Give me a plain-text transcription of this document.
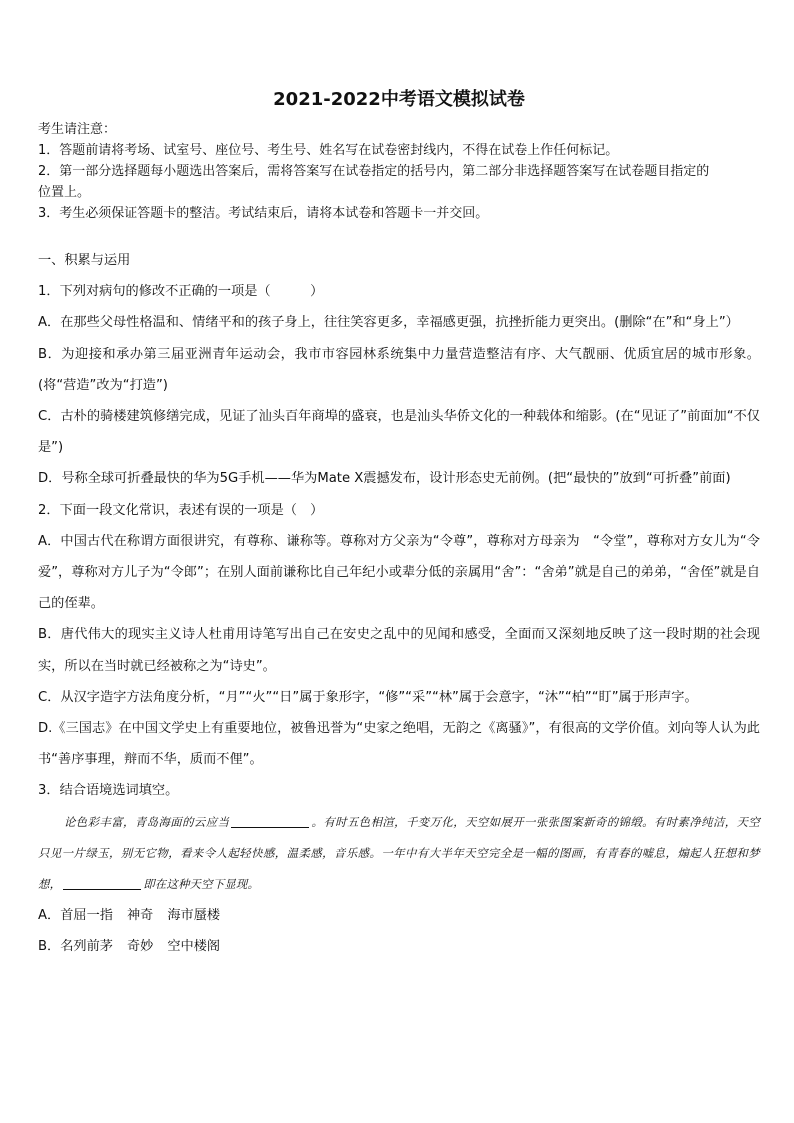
2021-2022中考语文模拟试卷
考生请注意：
1．答题前请将考场、试室号、座位号、考生号、姓名写在试卷密封线内，不得在试卷上作任何标记。
2．第一部分选择题每小题选出答案后，需将答案写在试卷指定的括号内，第二部分非选择题答案写在试卷题目指定的
位置上。
3．考生必须保证答题卡的整洁。考试结束后，请将本试卷和答题卡一并交回。

一、积累与运用

1．下列对病句的修改不正确的一项是（　　　）

A．在那些父母性格温和、情绪平和的孩子身上，往往笑容更多，幸福感更强，抗挫折能力更突出。(删除“在”和“身上”）

B．为迎接和承办第三届亚洲青年运动会，我市市容园林系统集中力量营造整洁有序、大气靓丽、优质宜居的城市形象。(将“营造”改为“打造”)

C．古朴的骑楼建筑修缮完成，见证了汕头百年商埠的盛衰，也是汕头华侨文化的一种载体和缩影。(在“见证了”前面加“不仅是”)

D．号称全球可折叠最快的华为5G手机——华为Mate X震撼发布，设计形态史无前例。(把“最快的”放到“可折叠”前面)

2．下面一段文化常识，表述有误的一项是（　）

A．中国古代在称谓方面很讲究，有尊称、谦称等。尊称对方父亲为“令尊”，尊称对方母亲为　“令堂”，尊称对方女儿为“令爱”，尊称对方儿子为“令郎”；在别人面前谦称比自己年纪小或辈分低的亲属用“舍”：“舍弟”就是自己的弟弟，“舍侄”就是自己的侄辈。

B．唐代伟大的现实主义诗人杜甫用诗笔写出自己在安史之乱中的见闻和感受，全面而又深刻地反映了这一段时期的社会现实，所以在当时就已经被称之为“诗史”。

C．从汉字造字方法角度分析，“月”“火”“日”属于象形字，“修”“采”“林”属于会意字，“沐”“柏”“盯”属于形声字。

D.《三国志》在中国文学史上有重要地位，被鲁迅誉为“史家之绝唱，无韵之《离骚》”，有很高的文学价值。刘向等人认为此书“善序事理，辩而不华，质而不俚”。

3．结合语境选词填空。

论色彩丰富，青岛海面的云应当	。有时五色相渲，千变万化，天空如展开一张张图案新奇的锦缎。有时素净纯洁，天空只见一片绿玉，别无它物，看来令人起轻快感，温柔感，音乐感。一年中有大半年天空完全是一幅的图画，有青春的嘘息，煽起人狂想和梦想，	即在这种天空下显现。

A．首屈一指 神奇 海市蜃楼

B．名列前茅 奇妙 空中楼阁
